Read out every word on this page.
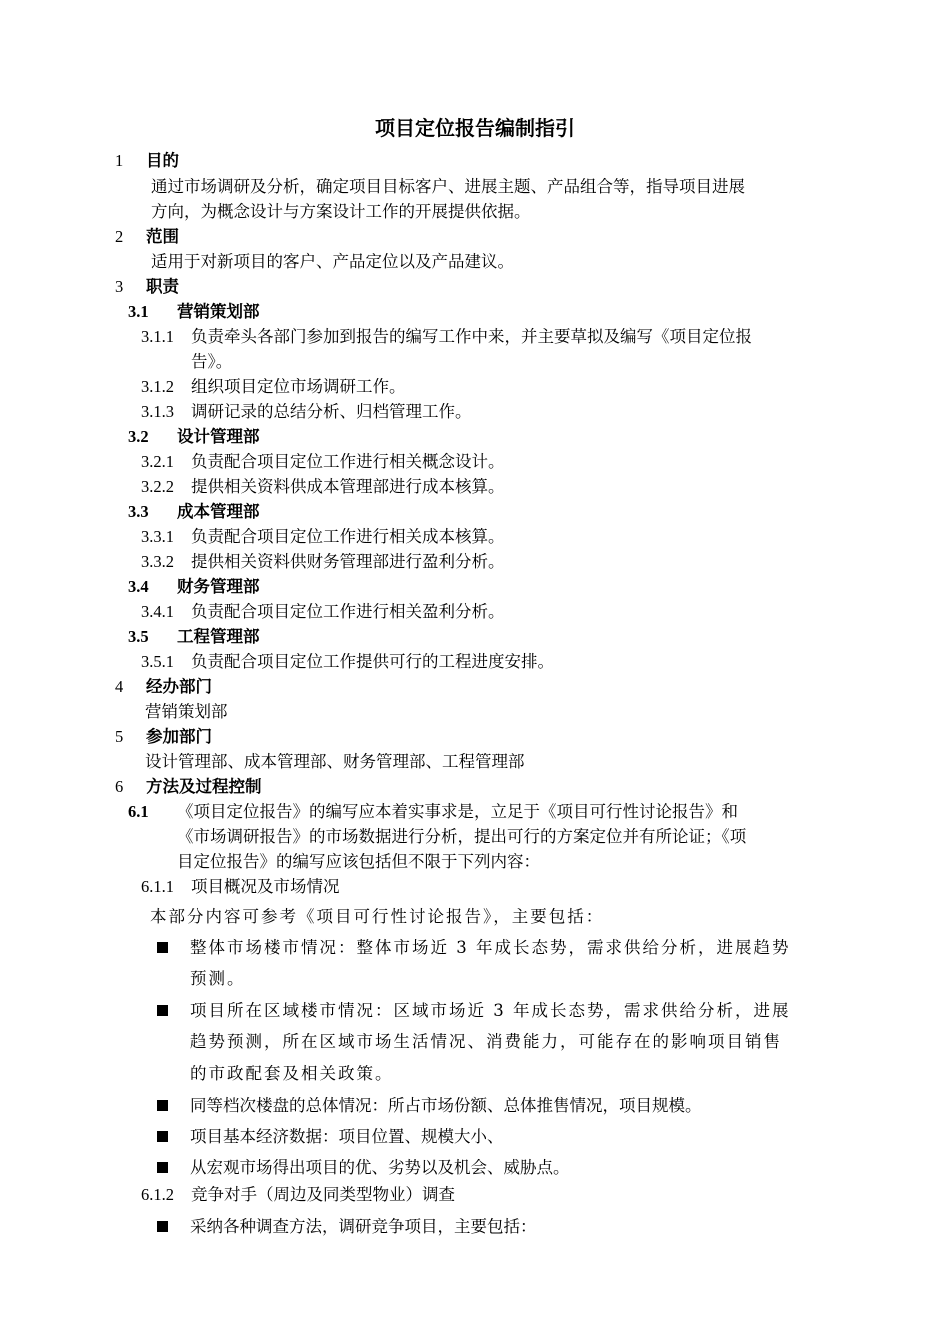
项目定位报告编制指引
1 目的
通过市场调研及分析，确定项目目标客户、进展主题、产品组合等，指导项目进展
方向，为概念设计与方案设计工作的开展提供依据。
2 范围
适用于对新项目的客户、产品定位以及产品建议。
3 职责
3.1 营销策划部
3.1.1 负责牵头各部门参加到报告的编写工作中来，并主要草拟及编写《项目定位报
告》。
3.1.2 组织项目定位市场调研工作。
3.1.3 调研记录的总结分析、归档管理工作。
3.2 设计管理部
3.2.1 负责配合项目定位工作进行相关概念设计。
3.2.2 提供相关资料供成本管理部进行成本核算。
3.3 成本管理部
3.3.1 负责配合项目定位工作进行相关成本核算。
3.3.2 提供相关资料供财务管理部进行盈利分析。
3.4 财务管理部
3.4.1 负责配合项目定位工作进行相关盈利分析。
3.5 工程管理部
3.5.1 负责配合项目定位工作提供可行的工程进度安排。
4 经办部门
营销策划部
5 参加部门
设计管理部、成本管理部、财务管理部、工程管理部
6 方法及过程控制
6.1 《项目定位报告》的编写应本着实事求是，立足于《项目可行性讨论报告》和
《市场调研报告》的市场数据进行分析，提出可行的方案定位并有所论证；《项
目定位报告》的编写应该包括但不限于下列内容：
6.1.1 项目概况及市场情况
本部分内容可参考《项目可行性讨论报告》，主要包括：
整体市场楼市情况：整体市场近 3 年成长态势，需求供给分析，进展趋势
预测。
项目所在区域楼市情况：区域市场近 3 年成长态势，需求供给分析，进展
趋势预测，所在区域市场生活情况、消费能力，可能存在的影响项目销售
的市政配套及相关政策。
同等档次楼盘的总体情况：所占市场份额、总体推售情况，项目规模。
项目基本经济数据：项目位置、规模大小、
从宏观市场得出项目的优、劣势以及机会、威胁点。
6.1.2 竞争对手（周边及同类型物业）调查
采纳各种调查方法，调研竞争项目，主要包括：
